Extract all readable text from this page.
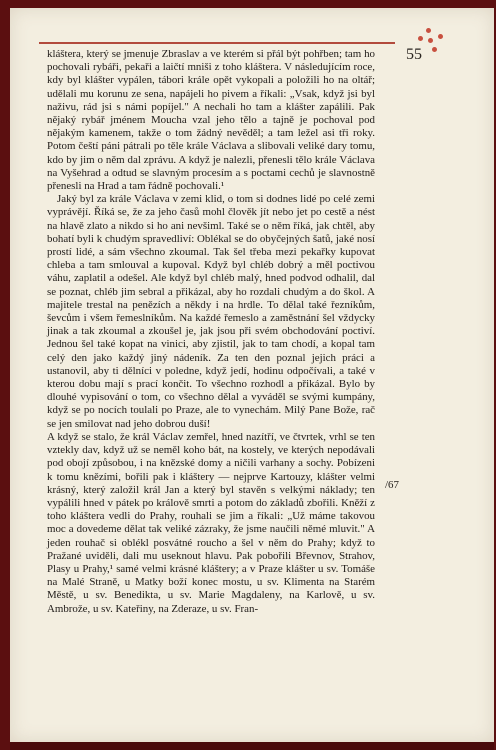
55

kláštera, který se jmenuje Zbraslav a ve kterém si přál být pohřben; tam ho pochovali rybáři, pekaři a laičtí mniši z toho kláštera. V následujícím roce, kdy byl klášter vypálen, tábori krále opět vykopali a položili ho na oltář; udělali mu korunu ze sena, napájeli ho pivem a říkali: „Vsak, když jsi byl naživu, rád jsi s námi popíjel." A nechali ho tam a klášter zapálili. Pak nějaký rybář jménem Moucha vzal jeho tělo a tajně je pochoval pod nějakým kamenem, takže o tom žádný nevěděl; a tam ležel asi tři roky. Potom čeští páni pátrali po těle krále Václava a slibovali veliké dary tomu, kdo by jim o něm dal zprávu. A když je nalezli, přenesli tělo krále Václava na Vyšehrad a odtud se slavným procesím a s poctami cechů je slavnostně přenesli na Hrad a tam řádně pochovali.¹

Jaký byl za krále Václava v zemi klid, o tom si dodnes lidé po celé zemi vyprávějí. Říká se, že za jeho časů mohl člověk jít nebo jet po cestě a nést na hlavě zlato a nikdo si ho ani nevšiml. Také se o něm říká, jak chtěl, aby bohatí byli k chudým spravedliví: Oblékal se do obyčejných šatů, jaké nosí prostí lidé, a sám všechno zkoumal. Tak šel třeba mezi pekařky kupovat chleba a tam smlouval a kupoval. Když byl chléb dobrý a měl poctivou váhu, zaplatil a odešel. Ale když byl chléb malý, hned podvod odhalil, dal se poznat, chléb jim sebral a přikázal, aby ho rozdali chudým a do škol. A majitele trestal na penězích a někdy i na hrdle. To dělal také řezníkům, ševcům i všem řemeslníkům. Na každé řemeslo a zaměstnání šel vždycky jinak a tak zkoumal a zkoušel je, jak jsou při svém obchodování poctiví. Jednou šel také kopat na vinici, aby zjistil, jak to tam chodí, a kopal tam celý den jako každý jiný nádeník. Za ten den poznal jejich práci a ustanovil, aby ti dělníci v poledne, když jedí, hodinu odpočívali, a také v kterou dobu mají s prací končit. To všechno rozhodl a přikázal. Bylo by dlouhé vypisování o tom, co všechno dělal a vyváděl se svými kumpány, když se po nocích toulali po Praze, ale to vynechám. Milý Pane Bože, rač se jen smilovat nad jeho dobrou duší!

A když se stalo, že král Václav zemřel, hned nazítří, ve čtvrtek, vrhl se ten vztekly dav, když už se neměl koho bát, na kostely, ve kterých nepodávali pod obojí způsobou, i na knězské domy a ničili varhany a sochy. Pobízeni k tomu knězími, bořili pak i kláštery — nejprve Kartouzy, klášter velmi krásný, který založil král Jan a který byl stavěn s velkými náklady; ten vypálili hned v pátek po králově smrti a potom do základů zbořili. Kněží z toho kláštera vedli do Prahy, rouhali se jim a říkali: „Už máme takovou moc a dovedeme dělat tak veliké zázraky, že jsme naučili němé mluvit." A jeden rouhač si oblékl posvátné roucho a šel v něm do Prahy; když to Pražané uviděli, dali mu useknout hlavu. Pak pobořili Břevnov, Strahov, Plasy u Prahy,¹ samé velmi krásné kláštery; a v Praze klášter u sv. Tomáše na Malé Straně, u Matky boží konec mostu, u sv. Klimenta na Starém Městě, u sv. Benedikta, u sv. Marie Magdaleny, na Karlově, u sv. Ambrože, u sv. Kateřiny, na Zderaze, u sv. Fran-

/67
